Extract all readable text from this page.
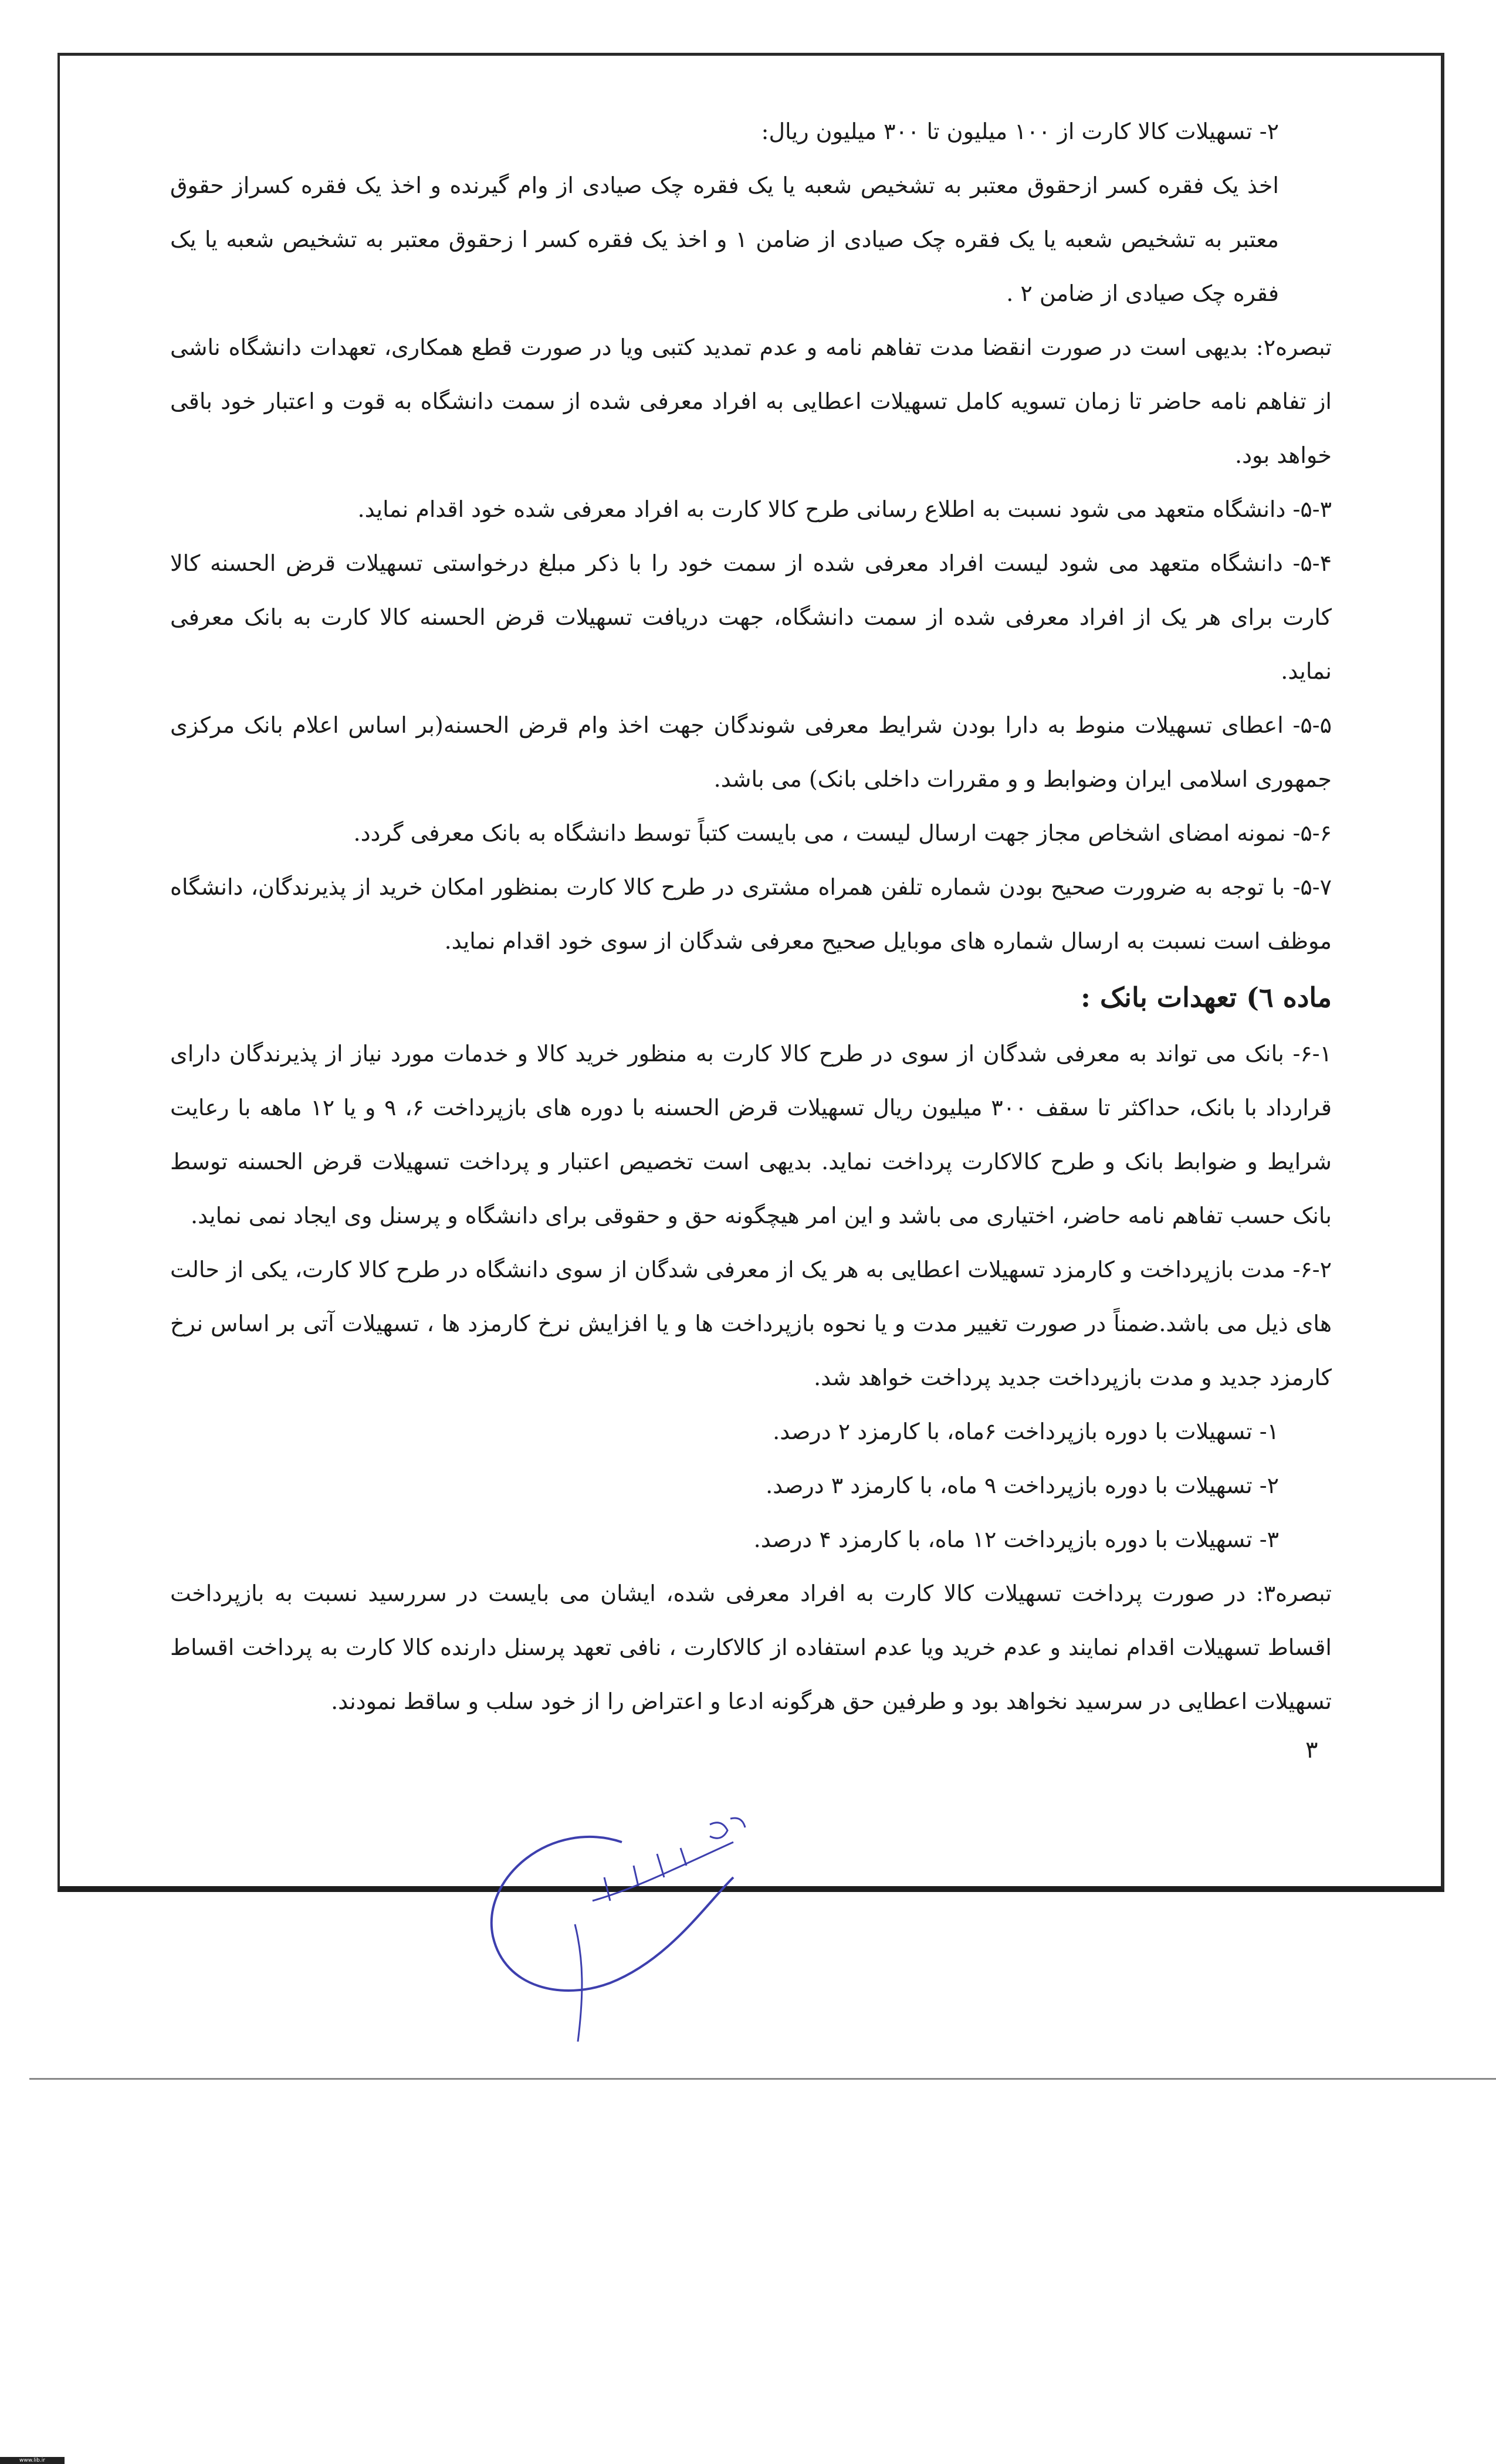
۲- تسهیلات کالا کارت از ۱۰۰ میلیون تا ۳۰۰ میلیون ریال:

اخذ یک فقره کسر ازحقوق معتبر به تشخیص شعبه یا یک فقره چک صیادی از وام گیرنده و اخذ یک فقره کسراز حقوق معتبر به تشخیص شعبه یا یک فقره چک صیادی از ضامن ۱ و اخذ یک فقره کسر ا زحقوق معتبر به تشخیص شعبه یا یک فقره چک صیادی از ضامن ۲ .

تبصره۲: بدیهی است در صورت انقضا مدت تفاهم نامه و عدم تمدید کتبی ویا در صورت قطع همکاری، تعهدات دانشگاه ناشی از تفاهم نامه حاضر تا زمان تسویه کامل تسهیلات اعطایی به افراد معرفی شده از سمت دانشگاه به قوت و اعتبار خود باقی خواهد بود.

۵-۳- دانشگاه متعهد می شود نسبت به اطلاع رسانی طرح کالا کارت به افراد معرفی شده خود اقدام نماید.

۵-۴- دانشگاه متعهد می شود لیست افراد معرفی شده از سمت خود را با ذکر مبلغ درخواستی تسهیلات قرض الحسنه کالا کارت برای هر یک از افراد معرفی شده از سمت دانشگاه، جهت دریافت تسهیلات قرض الحسنه کالا کارت به بانک معرفی نماید.

۵-۵- اعطای تسهیلات منوط به دارا بودن شرایط معرفی شوندگان جهت اخذ وام قرض الحسنه(بر اساس اعلام بانک مرکزی جمهوری اسلامی ایران وضوابط و و مقررات داخلی بانک) می باشد.

۵-۶- نمونه امضای اشخاص مجاز جهت ارسال لیست ، می بایست کتباً توسط دانشگاه به بانک معرفی گردد.

۵-۷- با توجه به ضرورت صحیح بودن شماره تلفن همراه مشتری در طرح کالا کارت بمنظور امکان خرید از پذیرندگان، دانشگاه موظف است نسبت به ارسال شماره های موبایل صحیح معرفی شدگان از سوی خود اقدام نماید.

ماده ٦) تعهدات بانک :

۶-۱- بانک می تواند به معرفی شدگان از سوی در طرح کالا کارت به منظور خرید کالا و خدمات مورد نیاز از پذیرندگان دارای قرارداد با بانک، حداکثر تا سقف ۳۰۰ میلیون ریال تسهیلات قرض الحسنه با دوره های بازپرداخت ۶، ۹ و یا ۱۲ ماهه با رعایت شرایط و ضوابط بانک و طرح کالاکارت پرداخت نماید. بدیهی است تخصیص اعتبار و پرداخت تسهیلات قرض الحسنه توسط بانک حسب تفاهم نامه حاضر، اختیاری می باشد و این امر هیچگونه حق و حقوقی برای دانشگاه و پرسنل وی ایجاد نمی نماید.

۶-۲- مدت بازپرداخت و کارمزد تسهیلات اعطایی به هر یک از معرفی شدگان از سوی دانشگاه در طرح کالا کارت، یکی از حالت های ذیل می باشد.ضمناً در صورت تغییر مدت و یا نحوه بازپرداخت ها و یا افزایش نرخ کارمزد ها ، تسهیلات آتی بر اساس نرخ کارمزد جدید و مدت بازپرداخت جدید پرداخت خواهد شد.

۱- تسهیلات با دوره بازپرداخت ۶ماه، با کارمزد ۲ درصد.

۲- تسهیلات با دوره بازپرداخت ۹ ماه، با کارمزد ۳ درصد.

۳- تسهیلات با دوره بازپرداخت ۱۲ ماه، با کارمزد ۴ درصد.

تبصره۳: در صورت پرداخت تسهیلات کالا کارت به افراد معرفی شده، ایشان می بایست در سررسید نسبت به بازپرداخت اقساط تسهیلات اقدام نمایند و عدم خرید ویا عدم استفاده از کالاکارت ، نافی تعهد پرسنل دارنده کالا کارت به پرداخت اقساط تسهیلات اعطایی در سرسید نخواهد بود و طرفین حق هرگونه ادعا و اعتراض را از خود سلب و ساقط نمودند.

۳
www.lib.ir
